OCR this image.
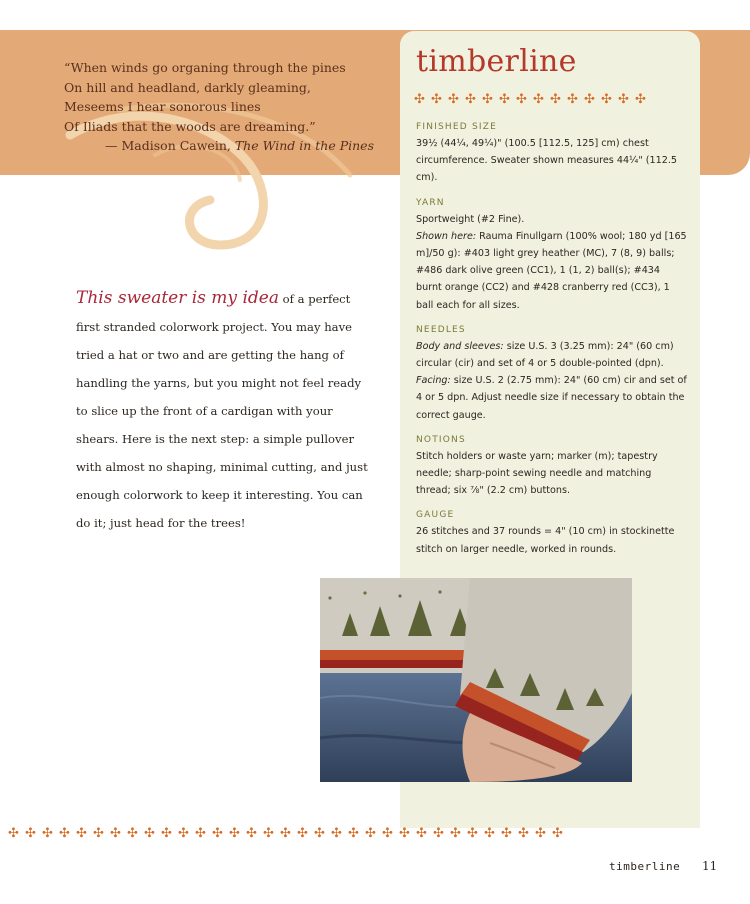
“When winds go organing through the pines
On hill and headland, darkly gleaming,
Meseems I hear sonorous lines
Of Iliads that the woods are dreaming.”
— Madison Cawein, The Wind in the Pines
timberline
✣ ✣ ✣ ✣ ✣ ✣ ✣ ✣ ✣ ✣ ✣ ✣ ✣ ✣
FINISHED SIZE
39½ (44¼, 49¼)" (100.5 [112.5, 125] cm) chest circumference. Sweater shown measures 44¼" (112.5 cm).
YARN
Sportweight (#2 Fine).
Shown here: Rauma Finullgarn (100% wool; 180 yd [165 m]/50 g): #403 light grey heather (MC), 7 (8, 9) balls; #486 dark olive green (CC1), 1 (1, 2) ball(s); #434 burnt orange (CC2) and #428 cranberry red (CC3), 1 ball each for all sizes.
NEEDLES
Body and sleeves: size U.S. 3 (3.25 mm): 24" (60 cm) circular (cir) and set of 4 or 5 double-pointed (dpn). Facing: size U.S. 2 (2.75 mm): 24" (60 cm) cir and set of 4 or 5 dpn. Adjust needle size if necessary to obtain the correct gauge.
NOTIONS
Stitch holders or waste yarn; marker (m); tapestry needle; sharp-point sewing needle and matching thread; six ⅞" (2.2 cm) buttons.
GAUGE
26 stitches and 37 rounds = 4" (10 cm) in stockinette stitch on larger needle, worked in rounds.
This sweater is my idea of a perfect first stranded colorwork project. You may have tried a hat or two and are getting the hang of handling the yarns, but you might not feel ready to slice up the front of a cardigan with your shears. Here is the next step: a simple pullover with almost no shaping, minimal cutting, and just enough colorwork to keep it interesting. You can do it; just head for the trees!
✣ ✣ ✣ ✣ ✣ ✣ ✣ ✣ ✣ ✣ ✣ ✣ ✣ ✣ ✣ ✣ ✣ ✣ ✣ ✣ ✣ ✣ ✣ ✣ ✣ ✣ ✣ ✣ ✣ ✣ ✣ ✣ ✣
timberline 11
